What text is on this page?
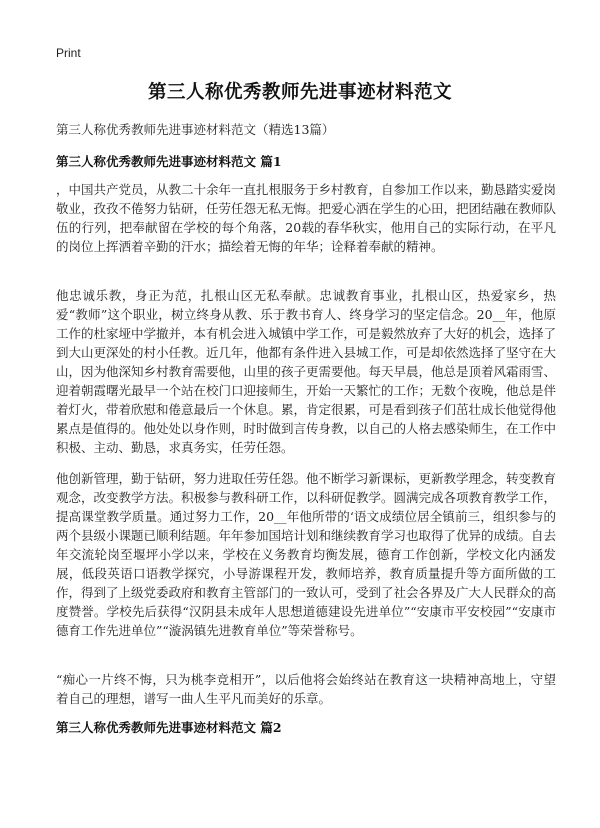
Print
第三人称优秀教师先进事迹材料范文
第三人称优秀教师先进事迹材料范文（精选13篇）
第三人称优秀教师先进事迹材料范文 篇1
，中国共产党员，从教二十余年一直扎根服务于乡村教育，自参加工作以来，勤恳踏实爱岗敬业，孜孜不倦努力钻研，任劳任怨无私无悔。把爱心洒在学生的心田，把团结融在教师队伍的行列，把奉献留在学校的每个角落，20载的春华秋实，他用自己的实际行动，在平凡的岗位上挥洒着辛勤的汗水；描绘着无悔的年华；诠释着奉献的精神。
他忠诚乐教，身正为范，扎根山区无私奉献。忠诚教育事业，扎根山区，热爱家乡，热爱“教师”这个职业，树立终身从教、乐于教书育人、终身学习的坚定信念。20__年，他原工作的杜家垭中学撤并，本有机会进入城镇中学工作，可是毅然放弃了大好的机会，选择了到大山更深处的村小任教。近几年，他都有条件进入县城工作，可是却依然选择了坚守在大山，因为他深知乡村教育需要他，山里的孩子更需要他。每天早晨，他总是顶着风霜雨雪、迎着朝霞曙光最早一个站在校门口迎接师生，开始一天繁忙的工作；无数个夜晚，他总是伴着灯火，带着欣慰和倦意最后一个休息。累，肯定很累，可是看到孩子们茁壮成长他觉得他累点是值得的。他处处以身作则，时时做到言传身教，以自己的人格去感染师生，在工作中积极、主动、勤恳，求真务实，任劳任怨。
他创新管理，勤于钻研，努力进取任劳任怨。他不断学习新课标，更新教学理念，转变教育观念，改变教学方法。积极参与教科研工作，以科研促教学。圆满完成各项教育教学工作，提高课堂教学质量。通过努力工作，20__年他所带的‘语文成绩位居全镇前三，组织参与的两个县级小课题已顺利结题。年年参加国培计划和继续教育学习也取得了优异的成绩。自去年交流轮岗至堰坪小学以来，学校在义务教育均衡发展，德育工作创新，学校文化内涵发展，低段英语口语教学探究，小导游课程开发，教师培养，教育质量提升等方面所做的工作，得到了上级党委政府和教育主管部门的一致认可，受到了社会各界及广大人民群众的高度赞誉。学校先后获得“汉阴县未成年人思想道德建设先进单位”“安康市平安校园”“安康市德育工作先进单位”“漩涡镇先进教育单位”等荣誉称号。
“痴心一片终不悔，只为桃李竞相开”，以后他将会始终站在教育这一块精神高地上，守望着自己的理想，谱写一曲人生平凡而美好的乐章。
第三人称优秀教师先进事迹材料范文 篇2
